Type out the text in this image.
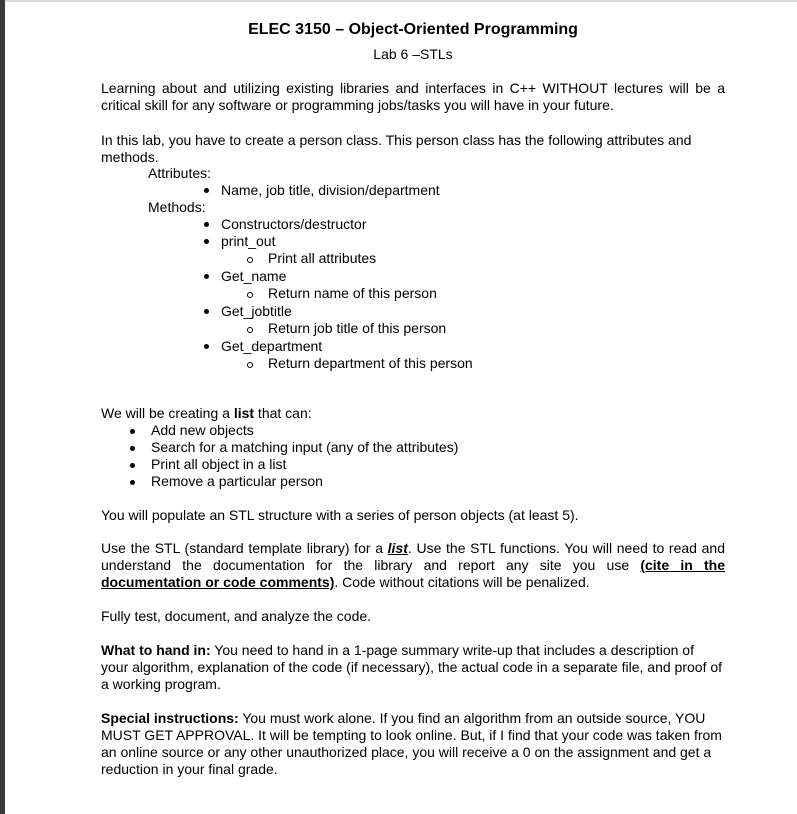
ELEC 3150 – Object-Oriented Programming
Lab 6 –STLs

Learning about and utilizing existing libraries and interfaces in C++ WITHOUT lectures will be a critical skill for any software or programming jobs/tasks you will have in your future.

In this lab, you have to create a person class. This person class has the following attributes and methods.

Attributes:
Name, job title, division/department
Methods:
Constructors/destructor
print_out
Print all attributes
Get_name
Return name of this person
Get_jobtitle
Return job title of this person
Get_department
Return department of this person

We will be creating a list that can:

Add new objects
Search for a matching input (any of the attributes)
Print all object in a list
Remove a particular person

You will populate an STL structure with a series of person objects (at least 5).

Use the STL (standard template library) for a list. Use the STL functions. You will need to read and understand the documentation for the library and report any site you use (cite in the documentation or code comments). Code without citations will be penalized.

Fully test, document, and analyze the code.

What to hand in: You need to hand in a 1-page summary write-up that includes a description of your algorithm, explanation of the code (if necessary), the actual code in a separate file, and proof of a working program.

Special instructions: You must work alone. If you find an algorithm from an outside source, YOU MUST GET APPROVAL. It will be tempting to look online. But, if I find that your code was taken from an online source or any other unauthorized place, you will receive a 0 on the assignment and get a reduction in your final grade.
